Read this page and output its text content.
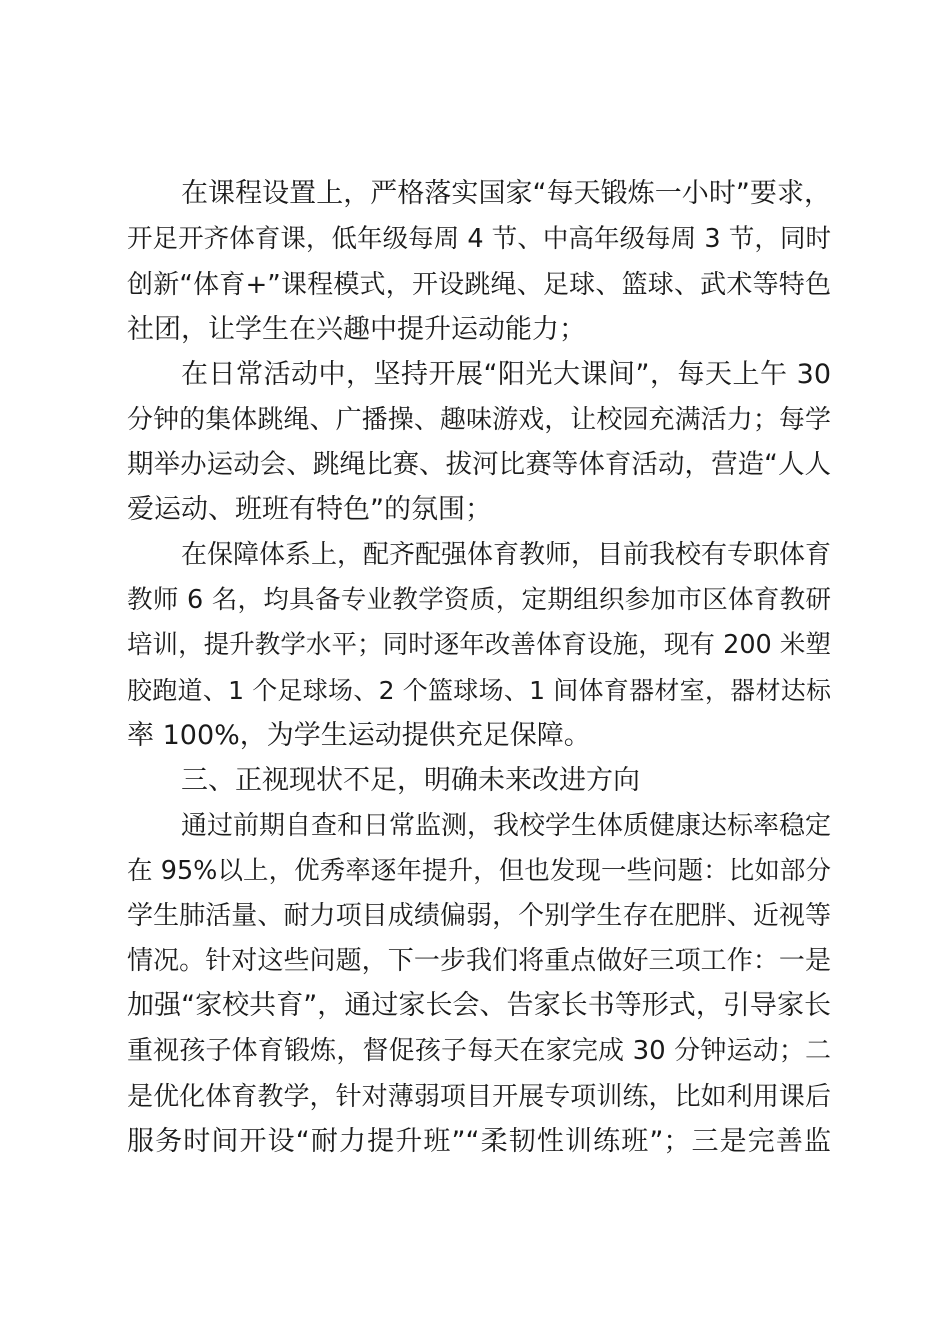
在课程设置上，严格落实国家“每天锻炼一小时”要求，
开足开齐体育课，低年级每周 4 节、中高年级每周 3 节，同时
创新“体育+”课程模式，开设跳绳、足球、篮球、武术等特色
社团，让学生在兴趣中提升运动能力；
在日常活动中，坚持开展“阳光大课间”，每天上午 30
分钟的集体跳绳、广播操、趣味游戏，让校园充满活力；每学
期举办运动会、跳绳比赛、拔河比赛等体育活动，营造“人人
爱运动、班班有特色”的氛围；
在保障体系上，配齐配强体育教师，目前我校有专职体育
教师 6 名，均具备专业教学资质，定期组织参加市区体育教研
培训，提升教学水平；同时逐年改善体育设施，现有 200 米塑
胶跑道、1 个足球场、2 个篮球场、1 间体育器材室，器材达标
率 100%，为学生运动提供充足保障。
三、正视现状不足，明确未来改进方向
通过前期自查和日常监测，我校学生体质健康达标率稳定
在 95%以上，优秀率逐年提升，但也发现一些问题：比如部分
学生肺活量、耐力项目成绩偏弱，个别学生存在肥胖、近视等
情况。针对这些问题，下一步我们将重点做好三项工作：一是
加强“家校共育”，通过家长会、告家长书等形式，引导家长
重视孩子体育锻炼，督促孩子每天在家完成 30 分钟运动；二
是优化体育教学，针对薄弱项目开展专项训练，比如利用课后
服务时间开设“耐力提升班”“柔韧性训练班”；三是完善监
